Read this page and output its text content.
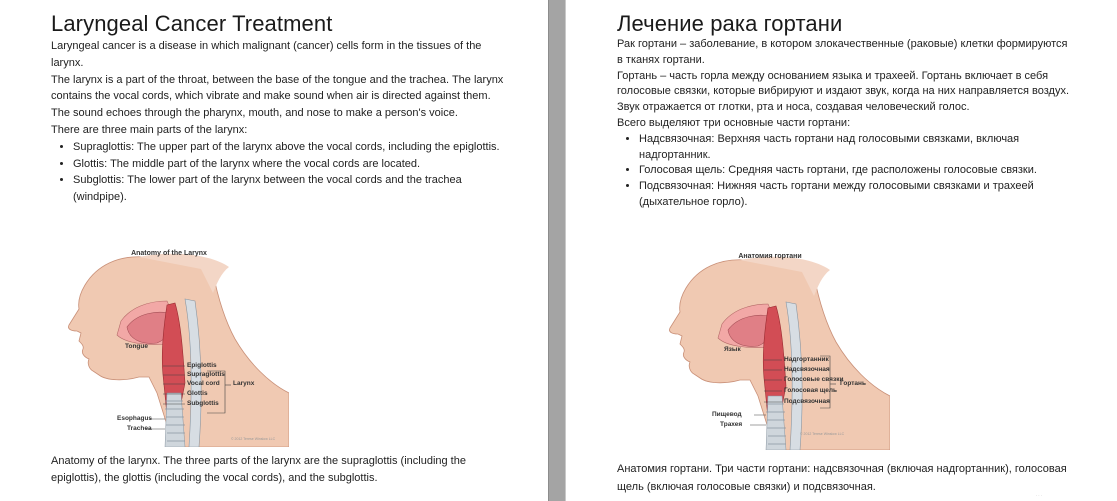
Laryngeal Cancer Treatment

Laryngeal cancer is a disease in which malignant (cancer) cells form in the tissues of the larynx.

The larynx is a part of the throat, between the base of the tongue and the trachea. The larynx contains the vocal cords, which vibrate and make sound when air is directed against them. The sound echoes through the pharynx, mouth, and nose to make a person's voice.

There are three main parts of the larynx:

• Supraglottis: The upper part of the larynx above the vocal cords, including the epiglottis.
• Glottis: The middle part of the larynx where the vocal cords are located.
• Subglottis: The lower part of the larynx between the vocal cords and the trachea (windpipe).
Anatomy of the Larynx
Tongue
Epiglottis
Supraglottis
Vocal cord
Glottis
Subglottis
Larynx
Esophagus
Trachea
© 2012 Terese Winslow LLC
Anatomy of the larynx. The three parts of the larynx are the supraglottis (including the epiglottis), the glottis (including the vocal cords), and the subglottis.
Лечение рака гортани

Рак гортани – заболевание, в котором злокачественные (раковые) клетки формируются в тканях гортани.

Гортань – часть горла между основанием языка и трахеей. Гортань включает в себя голосовые связки, которые вибрируют и издают звук, когда на них направляется воздух. Звук отражается от глотки, рта и носа, создавая человеческий голос.

Всего выделяют три основные части гортани:

• Надсвязочная: Верхняя часть гортани над голосовыми связками, включая надгортанник.
• Голосовая щель: Средняя часть гортани, где расположены голосовые связки.
• Подсвязочная: Нижняя часть гортани между голосовыми связками и трахеей (дыхательное горло).
Анатомия гортани
Язык
Надгортанник
Надсвязочная
Голосовые связки
Голосовая щель
Подсвязочная
Гортань
Пищевод
Трахея
© 2012 Terese Winslow LLC
Анатомия гортани. Три части гортани: надсвязочная (включая надгортанник), голосовая щель (включая голосовые связки) и подсвязочная.
· · ·
